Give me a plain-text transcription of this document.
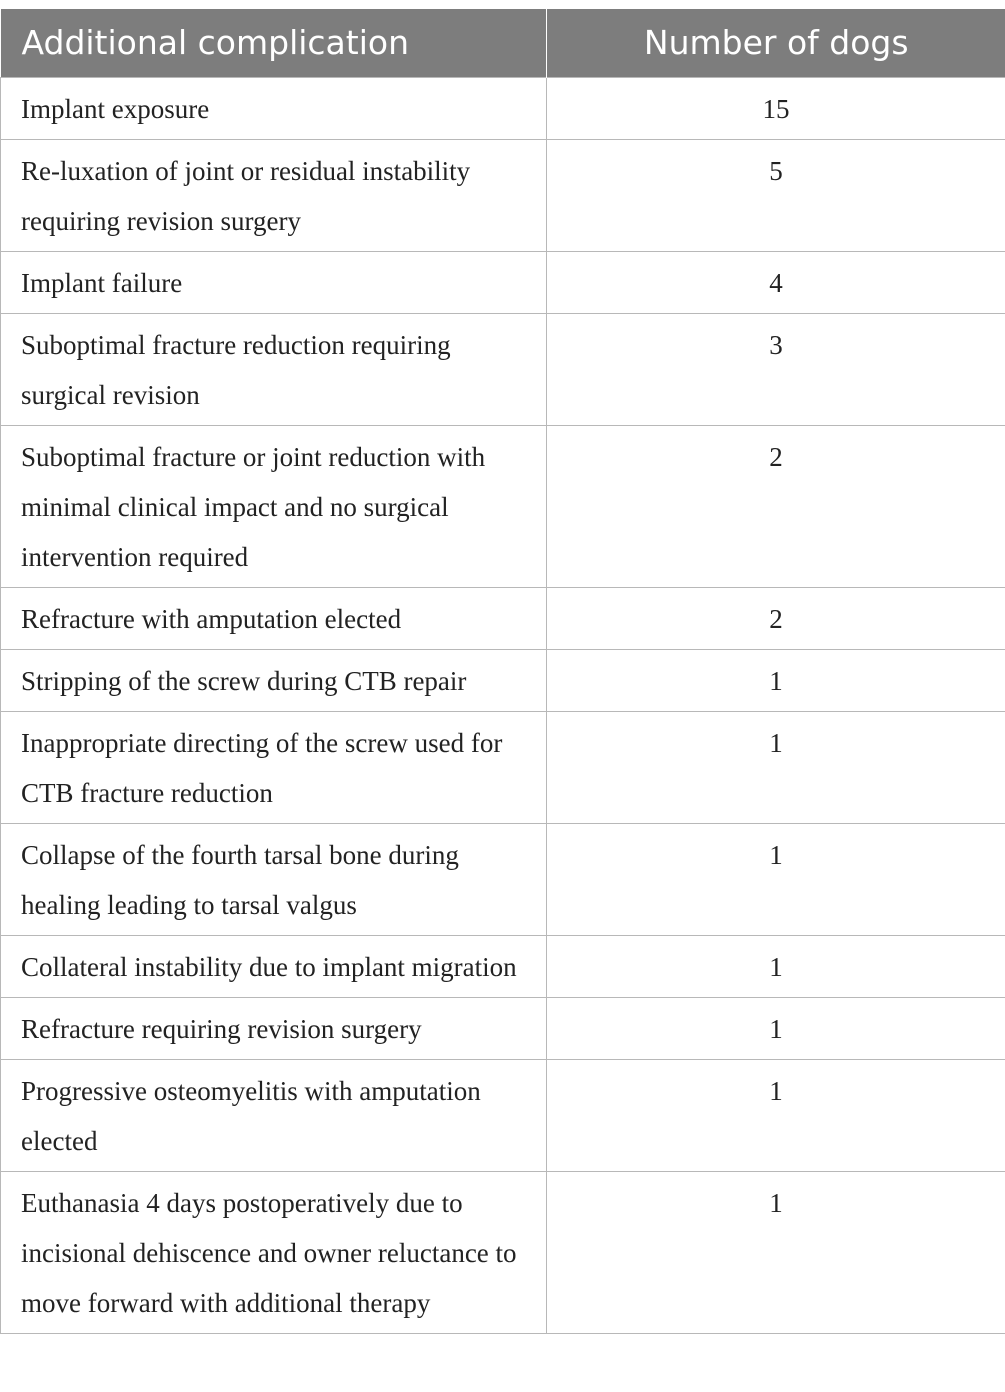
Additional complication	Number of dogs
Implant exposure	15
Re-luxation of joint or residual instability requiring revision surgery	5
Implant failure	4
Suboptimal fracture reduction requiring surgical revision	3
Suboptimal fracture or joint reduction with minimal clinical impact and no surgical intervention required	2
Refracture with amputation elected	2
Stripping of the screw during CTB repair	1
Inappropriate directing of the screw used for CTB fracture reduction	1
Collapse of the fourth tarsal bone during healing leading to tarsal valgus	1
Collateral instability due to implant migration	1
Refracture requiring revision surgery	1
Progressive osteomyelitis with amputation elected	1
Euthanasia 4 days postoperatively due to incisional dehiscence and owner reluctance to move forward with additional therapy	1
